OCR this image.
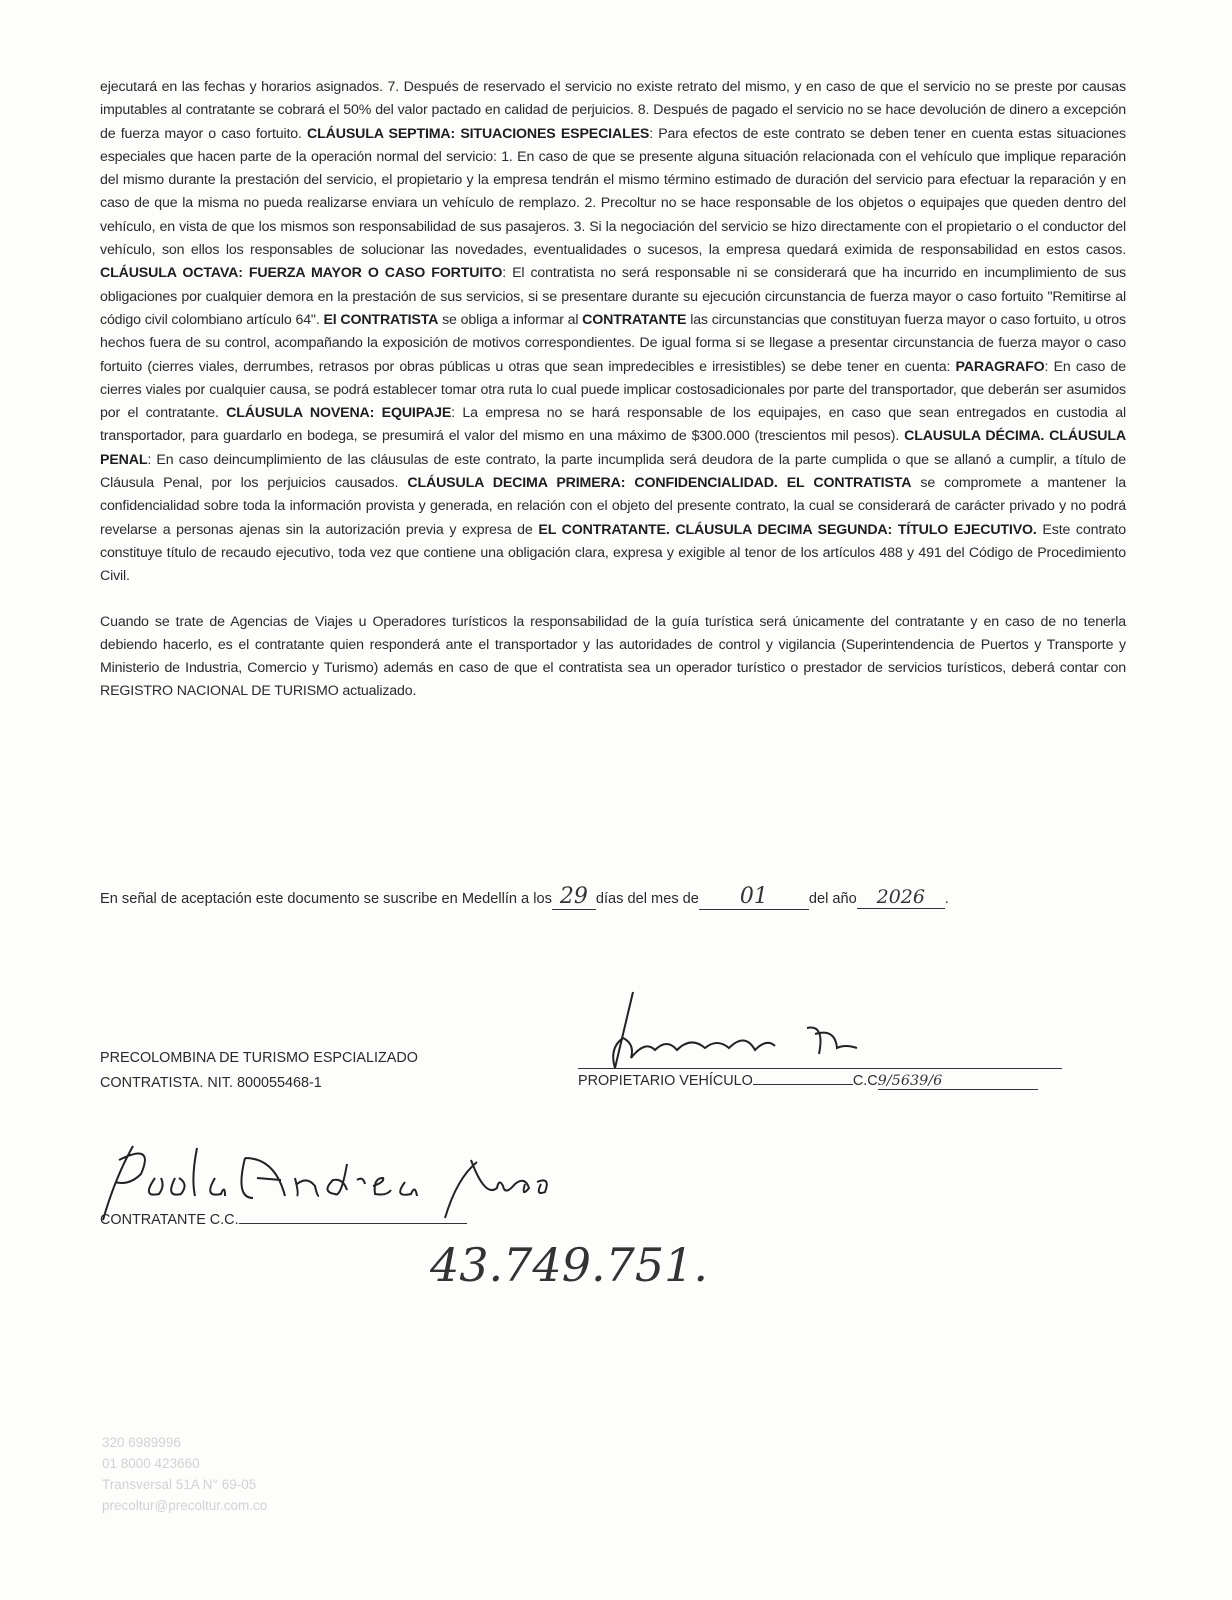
ejecutará en las fechas y horarios asignados. 7. Después de reservado el servicio no existe retrato del mismo, y en caso de que el servicio no se preste por causas imputables al contratante se cobrará el 50% del valor pactado en calidad de perjuicios. 8. Después de pagado el servicio no se hace devolución de dinero a excepción de fuerza mayor o caso fortuito. CLÁUSULA SEPTIMA: SITUACIONES ESPECIALES: Para efectos de este contrato se deben tener en cuenta estas situaciones especiales que hacen parte de la operación normal del servicio: 1. En caso de que se presente alguna situación relacionada con el vehículo que implique reparación del mismo durante la prestación del servicio, el propietario y la empresa tendrán el mismo término estimado de duración del servicio para efectuar la reparación y en caso de que la misma no pueda realizarse enviara un vehículo de remplazo. 2. Precoltur no se hace responsable de los objetos o equipajes que queden dentro del vehículo, en vista de que los mismos son responsabilidad de sus pasajeros. 3. Si la negociación del servicio se hizo directamente con el propietario o el conductor del vehículo, son ellos los responsables de solucionar las novedades, eventualidades o sucesos, la empresa quedará eximida de responsabilidad en estos casos. CLÁUSULA OCTAVA: FUERZA MAYOR O CASO FORTUITO: El contratista no será responsable ni se considerará que ha incurrido en incumplimiento de sus obligaciones por cualquier demora en la prestación de sus servicios, si se presentare durante su ejecución circunstancia de fuerza mayor o caso fortuito "Remitirse al código civil colombiano artículo 64". El CONTRATISTA se obliga a informar al CONTRATANTE las circunstancias que constituyan fuerza mayor o caso fortuito, u otros hechos fuera de su control, acompañando la exposición de motivos correspondientes. De igual forma si se llegase a presentar circunstancia de fuerza mayor o caso fortuito (cierres viales, derrumbes, retrasos por obras públicas u otras que sean impredecibles e irresistibles) se debe tener en cuenta: PARAGRAFO: En caso de cierres viales por cualquier causa, se podrá establecer tomar otra ruta lo cual puede implicar costosadicionales por parte del transportador, que deberán ser asumidos por el contratante. CLÁUSULA NOVENA: EQUIPAJE: La empresa no se hará responsable de los equipajes, en caso que sean entregados en custodia al transportador, para guardarlo en bodega, se presumirá el valor del mismo en una máximo de $300.000 (trescientos mil pesos). CLAUSULA DÉCIMA. CLÁUSULA PENAL: En caso deincumplimiento de las cláusulas de este contrato, la parte incumplida será deudora de la parte cumplida o que se allanó a cumplir, a título de Cláusula Penal, por los perjuicios causados. CLÁUSULA DECIMA PRIMERA: CONFIDENCIALIDAD. EL CONTRATISTA se compromete a mantener la confidencialidad sobre toda la información provista y generada, en relación con el objeto del presente contrato, la cual se considerará de carácter privado y no podrá revelarse a personas ajenas sin la autorización previa y expresa de EL CONTRATANTE. CLÁUSULA DECIMA SEGUNDA: TÍTULO EJECUTIVO. Este contrato constituye título de recaudo ejecutivo, toda vez que contiene una obligación clara, expresa y exigible al tenor de los artículos 488 y 491 del Código de Procedimiento Civil.

Cuando se trate de Agencias de Viajes u Operadores turísticos la responsabilidad de la guía turística será únicamente del contratante y en caso de no tenerla debiendo hacerlo, es el contratante quien responderá ante el transportador y las autoridades de control y vigilancia (Superintendencia de Puertos y Transporte y Ministerio de Industria, Comercio y Turismo) además en caso de que el contratista sea un operador turístico o prestador de servicios turísticos, deberá contar con REGISTRO NACIONAL DE TURISMO actualizado.

En señal de aceptación este documento se suscribe en Medellín a los 29 días del mes de 01	del año 2026 .
PRECOLOMBINA DE TURISMO ESPCIALIZADO
CONTRATISTA. NIT. 800055468-1	PROPIETARIO VEHÍCULO	C.C9/5639/6
CONTRATANTE C.C.
43.749.751.
320 6989996
01 8000 423660
Transversal 51A N° 69-05
precoltur@precoltur.com.co
